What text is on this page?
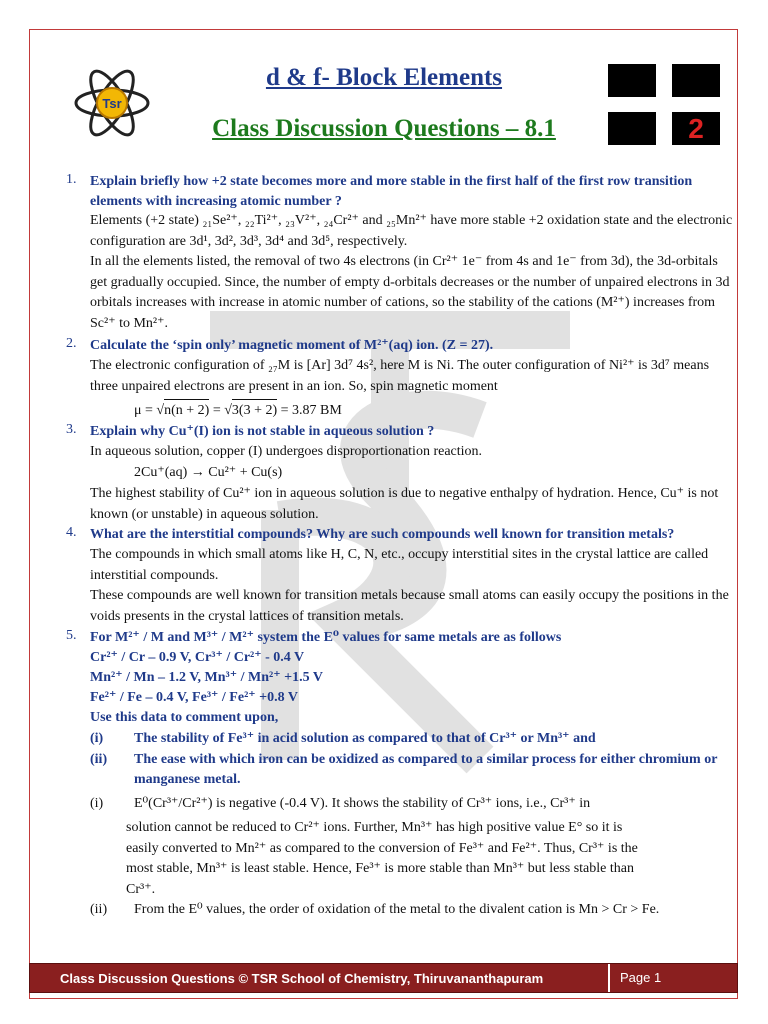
Tsr
d & f- Block Elements
Class Discussion Questions – 8.1	2
1. Explain briefly how +2 state becomes more and more stable in the first half of the first row transition elements with increasing atomic number ?
Elements (+2 state) ₂₁Se²⁺, ₂₂Ti²⁺, ₂₃V²⁺, ₂₄Cr²⁺ and ₂₅Mn²⁺ have more stable +2 oxidation state and the electronic configuration are 3d¹, 3d², 3d³, 3d⁴ and 3d⁵, respectively.
In all the elements listed, the removal of two 4s electrons (in Cr²⁺ 1e⁻ from 4s and 1e⁻ from 3d), the 3d-orbitals get gradually occupied. Since, the number of empty d-orbitals decreases or the number of unpaired electrons in 3d orbitals increases with increase in atomic number of cations, so the stability of the cations (M²⁺) increases from Sc²⁺ to Mn²⁺.
2. Calculate the ‘spin only’ magnetic moment of M²⁺(aq) ion. (Z = 27).
The electronic configuration of ₂₇M is [Ar] 3d⁷ 4s², here M is Ni. The outer configuration of Ni²⁺ is 3d⁷ means three unpaired electrons are present in an ion. So, spin magnetic moment
μ = √n(n + 2) = √3(3 + 2) = 3.87 BM
3. Explain why Cu⁺(I) ion is not stable in aqueous solution ?
In aqueous solution, copper (I) undergoes disproportionation reaction.
2Cu⁺(aq) → Cu²⁺ + Cu(s)
The highest stability of Cu²⁺ ion in aqueous solution is due to negative enthalpy of hydration. Hence, Cu⁺ is not known (or unstable) in aqueous solution.
4. What are the interstitial compounds? Why are such compounds well known for transition metals?
The compounds in which small atoms like H, C, N, etc., occupy interstitial sites in the crystal lattice are called interstitial compounds.
These compounds are well known for transition metals because small atoms can easily occupy the positions in the voids presents in the crystal lattices of transition metals.
5. For M²⁺ / M and M³⁺ / M²⁺ system the E⁰ values for same metals are as follows
Cr²⁺ / Cr – 0.9 V, Cr³⁺ / Cr²⁺ - 0.4 V
Mn²⁺ / Mn – 1.2 V, Mn³⁺ / Mn²⁺ +1.5 V
Fe²⁺ / Fe – 0.4 V, Fe³⁺ / Fe²⁺ +0.8 V
Use this data to comment upon,
(i)	The stability of Fe³⁺ in acid solution as compared to that of Cr³⁺ or Mn³⁺ and
(ii)	The ease with which iron can be oxidized as compared to a similar process for either chromium or manganese metal.
(i)	E⁰(Cr³⁺/Cr²⁺) is negative (-0.4 V). It shows the stability of Cr³⁺ ions, i.e., Cr³⁺ in
solution cannot be reduced to Cr²⁺ ions. Further, Mn³⁺ has high positive value E° so it is easily converted to Mn²⁺ as compared to the conversion of Fe³⁺ and Fe²⁺. Thus, Cr³⁺ is the most stable, Mn³⁺ is least stable. Hence, Fe³⁺ is more stable than Mn³⁺ but less stable than Cr³⁺.
(ii)	From the E⁰ values, the order of oxidation of the metal to the divalent cation is Mn > Cr > Fe.
Class Discussion Questions © TSR School of Chemistry, Thiruvananthapuram	Page 1
